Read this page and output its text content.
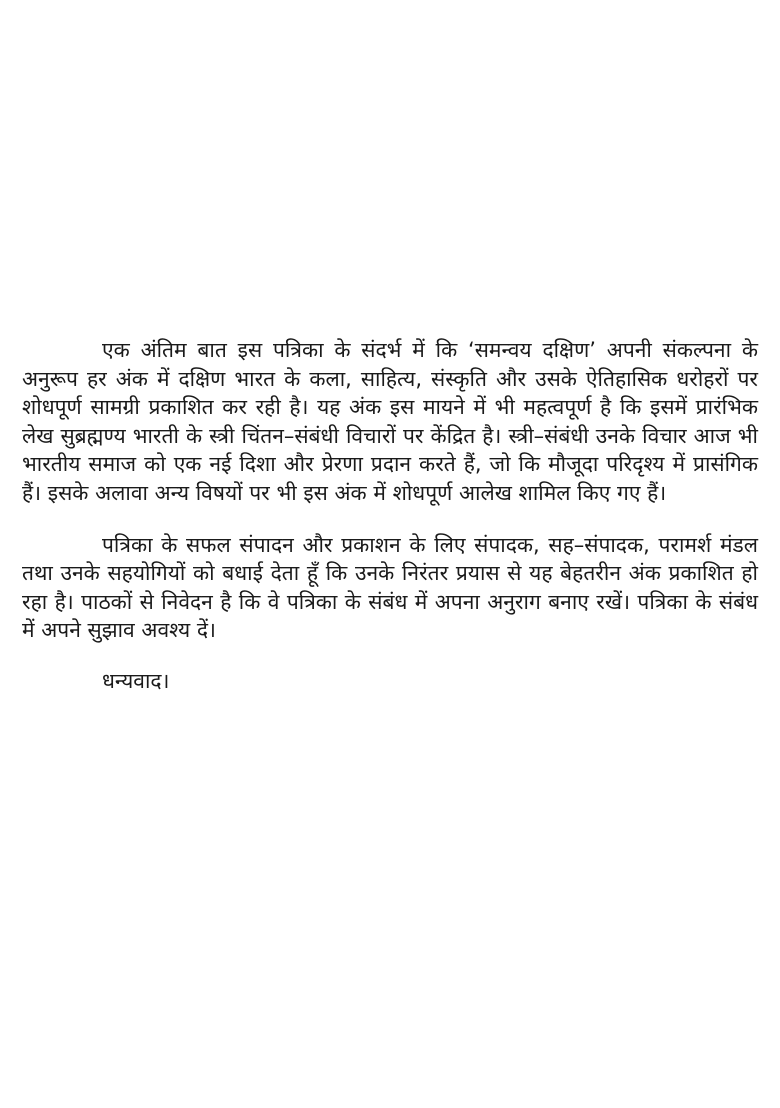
एक अंतिम बात इस पत्रिका के संदर्भ में कि ‘समन्वय दक्षिण’ अपनी संकल्पना के अनुरूप हर अंक में दक्षिण भारत के कला, साहित्य, संस्कृति और उसके ऐतिहासिक धरोहरों पर शोधपूर्ण सामग्री प्रकाशित कर रही है। यह अंक इस मायने में भी महत्वपूर्ण है कि इसमें प्रारंभिक लेख सुब्रह्मण्य भारती के स्त्री चिंतन–संबंधी विचारों पर केंद्रित है। स्त्री–संबंधी उनके विचार आज भी भारतीय समाज को एक नई दिशा और प्रेरणा प्रदान करते हैं, जो कि मौजूदा परिदृश्य में प्रासंगिक हैं। इसके अलावा अन्य विषयों पर भी इस अंक में शोधपूर्ण आलेख शामिल किए गए हैं।

पत्रिका के सफल संपादन और प्रकाशन के लिए संपादक, सह–संपादक, परामर्श मंडल तथा उनके सहयोगियों को बधाई देता हूँ कि उनके निरंतर प्रयास से यह बेहतरीन अंक प्रकाशित हो रहा है। पाठकों से निवेदन है कि वे पत्रिका के संबंध में अपना अनुराग बनाए रखें। पत्रिका के संबंध में अपने सुझाव अवश्य दें।

धन्यवाद।
